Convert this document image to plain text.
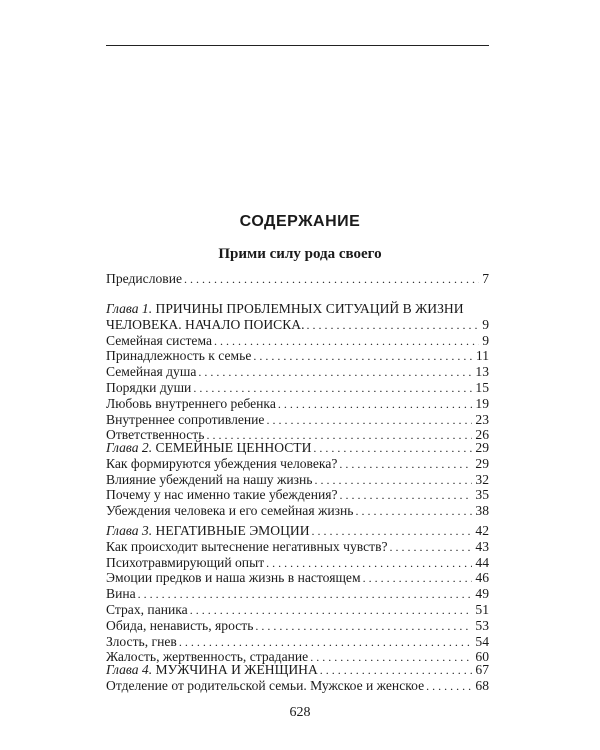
СОДЕРЖАНИЕ
Прими силу рода своего
Предисловие . . .	7
Глава 1. ПРИЧИНЫ ПРОБЛЕМНЫХ СИТУАЦИЙ В ЖИЗНИ
ЧЕЛОВЕКА. НАЧАЛО ПОИСКА. . . .	9
Семейная система . . .	9
Принадлежность к семье . . .	11
Семейная душа . . .	13
Порядки души . . .	15
Любовь внутреннего ребенка . . .	19
Внутреннее сопротивление . . .	23
Ответственность . . .	26
Глава 2. СЕМЕЙНЫЕ ЦЕННОСТИ . . .	29
Как формируются убеждения человека? . . .	29
Влияние убеждений на нашу жизнь . . .	32
Почему у нас именно такие убеждения? . . .	35
Убеждения человека и его семейная жизнь . . .	38
Глава 3. НЕГАТИВНЫЕ ЭМОЦИИ . . .	42
Как происходит вытеснение негативных чувств? . . .	43
Психотравмирующий опыт . . .	44
Эмоции предков и наша жизнь в настоящем . . .	46
Вина . . .	49
Страх, паника . . .	51
Обида, ненависть, ярость . . .	53
Злость, гнев . . .	54
Жалость, жертвенность, страдание . . .	60
Глава 4. МУЖЧИНА И ЖЕНЩИНА . . .	67
Отделение от родительской семьи. Мужское и женское . . .	68
628
